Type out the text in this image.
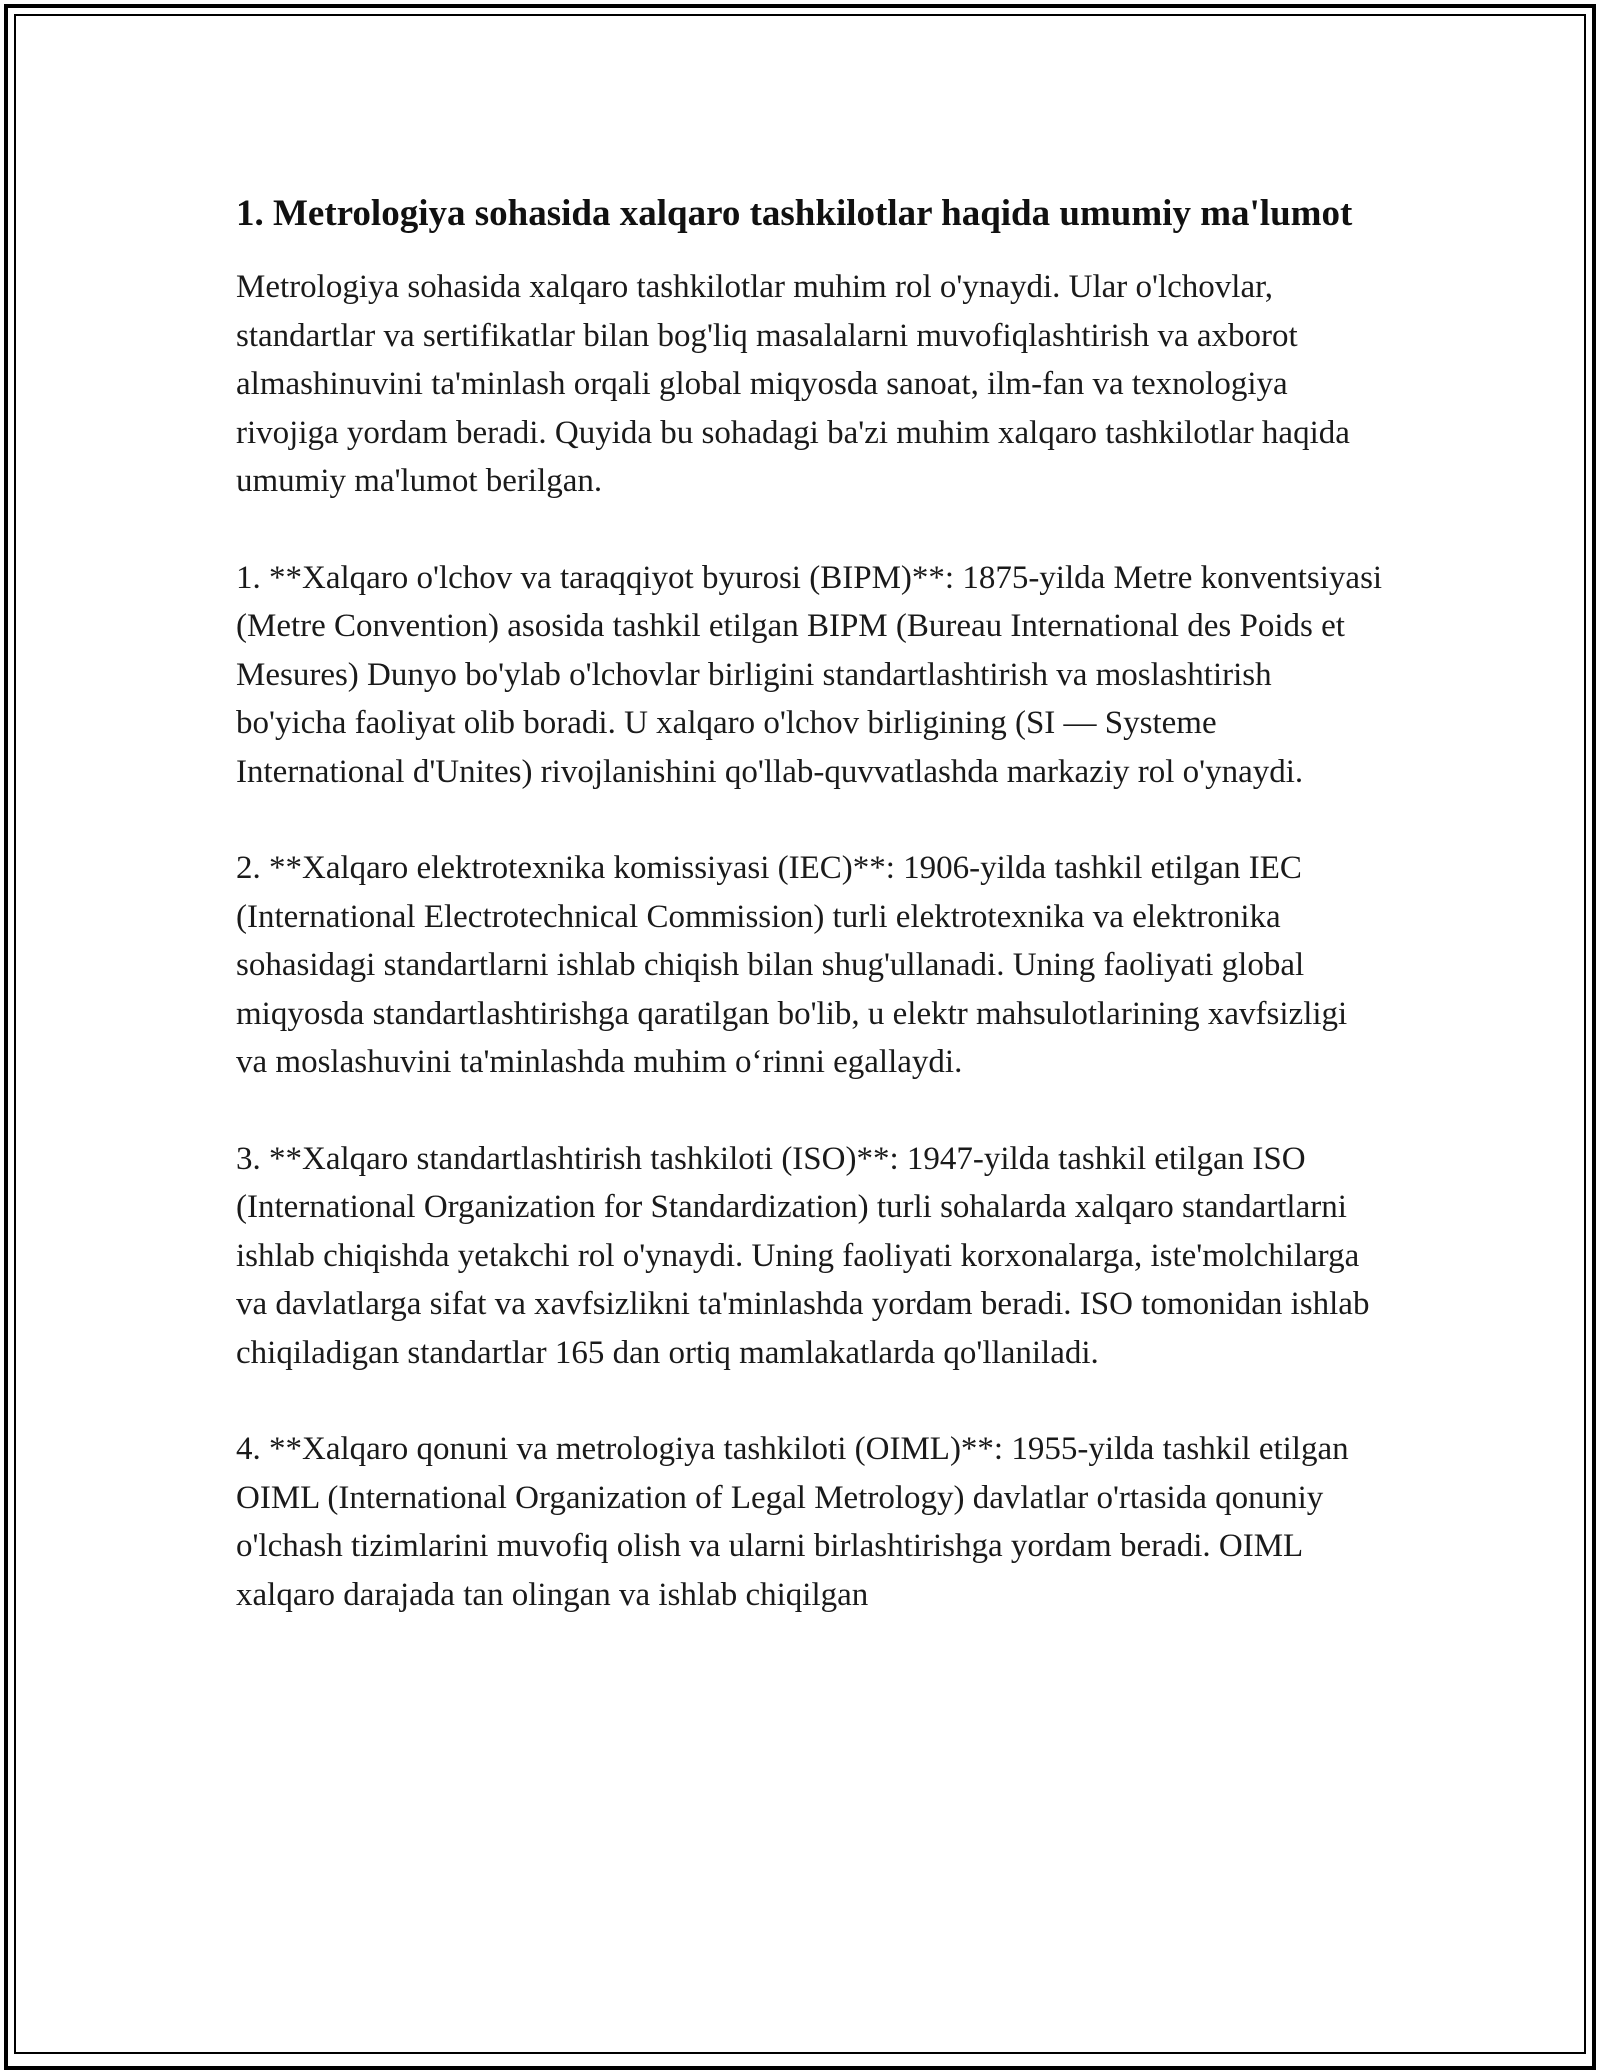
1. Metrologiya sohasida xalqaro tashkilotlar haqida umumiy ma'lumot

Metrologiya sohasida xalqaro tashkilotlar muhim rol o'ynaydi. Ular o'lchovlar, standartlar va sertifikatlar bilan bog'liq masalalarni muvofiqlashtirish va axborot almashinuvini ta'minlash orqali global miqyosda sanoat, ilm-fan va texnologiya rivojiga yordam beradi. Quyida bu sohadagi ba'zi muhim xalqaro tashkilotlar haqida umumiy ma'lumot berilgan.

1. **Xalqaro o'lchov va taraqqiyot byurosi (BIPM)**: 1875-yilda Metre konventsiyasi (Metre Convention) asosida tashkil etilgan BIPM (Bureau International des Poids et Mesures) Dunyo bo'ylab o'lchovlar birligini standartlashtirish va moslashtirish bo'yicha faoliyat olib boradi. U xalqaro o'lchov birligining (SI — Systeme International d'Unites) rivojlanishini qo'llab-quvvatlashda markaziy rol o'ynaydi.

2. **Xalqaro elektrotexnika komissiyasi (IEC)**: 1906-yilda tashkil etilgan IEC (International Electrotechnical Commission) turli elektrotexnika va elektronika sohasidagi standartlarni ishlab chiqish bilan shug'ullanadi. Uning faoliyati global miqyosda standartlashtirishga qaratilgan bo'lib, u elektr mahsulotlarining xavfsizligi va moslashuvini ta'minlashda muhim o‘rinni egallaydi.

3. **Xalqaro standartlashtirish tashkiloti (ISO)**: 1947-yilda tashkil etilgan ISO (International Organization for Standardization) turli sohalarda xalqaro standartlarni ishlab chiqishda yetakchi rol o'ynaydi. Uning faoliyati korxonalarga, iste'molchilarga va davlatlarga sifat va xavfsizlikni ta'minlashda yordam beradi. ISO tomonidan ishlab chiqiladigan standartlar 165 dan ortiq mamlakatlarda qo'llaniladi.

4. **Xalqaro qonuni va metrologiya tashkiloti (OIML)**: 1955-yilda tashkil etilgan OIML (International Organization of Legal Metrology) davlatlar o'rtasida qonuniy o'lchash tizimlarini muvofiq olish va ularni birlashtirishga yordam beradi. OIML xalqaro darajada tan olingan va ishlab chiqilgan
